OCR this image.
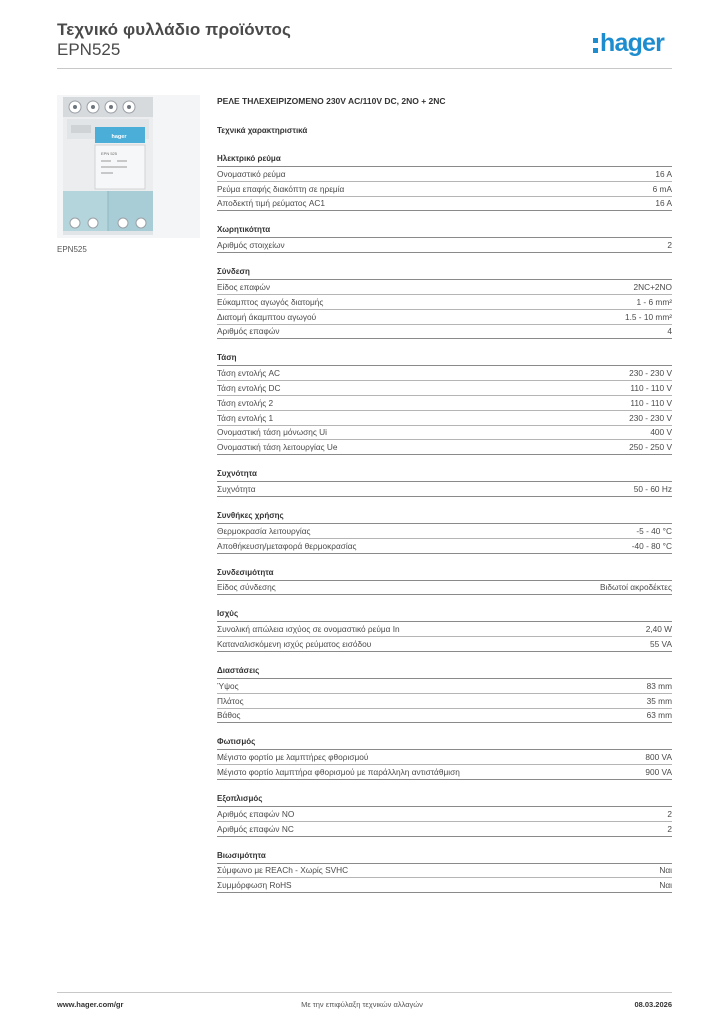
Τεχνικό φυλλάδιο προϊόντος
EPN525	hager
hager
EPN 525
EPN525
ΡΕΛΕ ΤΗΛΕΧΕΙΡΙΖΟΜΕΝΟ 230V AC/110V DC, 2NO + 2NC
Τεχνικά χαρακτηριστικά
Ηλεκτρικό ρεύμα
Ονομαστικό ρεύμα	16 A
Ρεύμα επαφής διακόπτη σε ηρεμία	6 mA
Αποδεκτή τιμή ρεύματος AC1	16 A
Χωρητικότητα
Αριθμός στοιχείων	2
Σύνδεση
Είδος επαφών	2NC+2NO
Εύκαμπτος αγωγός διατομής	1 - 6 mm²
Διατομή άκαμπτου αγωγού	1.5 - 10 mm²
Αριθμός επαφών	4
Τάση
Τάση εντολής AC	230 - 230 V
Τάση εντολής DC	110 - 110 V
Τάση εντολής 2	110 - 110 V
Τάση εντολής 1	230 - 230 V
Ονομαστική τάση μόνωσης Ui	400 V
Ονομαστική τάση λειτουργίας Ue	250 - 250 V
Συχνότητα
Συχνότητα	50 - 60 Hz
Συνθήκες χρήσης
Θερμοκρασία λειτουργίας	-5 - 40 °C
Αποθήκευση/μεταφορά θερμοκρασίας	-40 - 80 °C
Συνδεσιμότητα
Είδος σύνδεσης	Βιδωτοί ακροδέκτες
Ισχύς
Συνολική απώλεια ισχύος σε ονομαστικό ρεύμα In	2,40 W
Καταναλισκόμενη ισχύς ρεύματος εισόδου	55 VA
Διαστάσεις
Ύψος	83 mm
Πλάτος	35 mm
Βάθος	63 mm
Φωτισμός
Μέγιστο φορτίο με λαμπτήρες φθορισμού	800 VA
Μέγιστο φορτίο λαμπτήρα φθορισμού με παράλληλη αντιστάθμιση	900 VA
Εξοπλισμός
Αριθμός επαφών NO	2
Αριθμός επαφών NC	2
Βιωσιμότητα
Σύμφωνο με REACh - Χωρίς SVHC	Ναι
Συμμόρφωση RoHS	Ναι
www.hager.com/gr	Με την επιφύλαξη τεχνικών αλλαγών	08.03.2026
